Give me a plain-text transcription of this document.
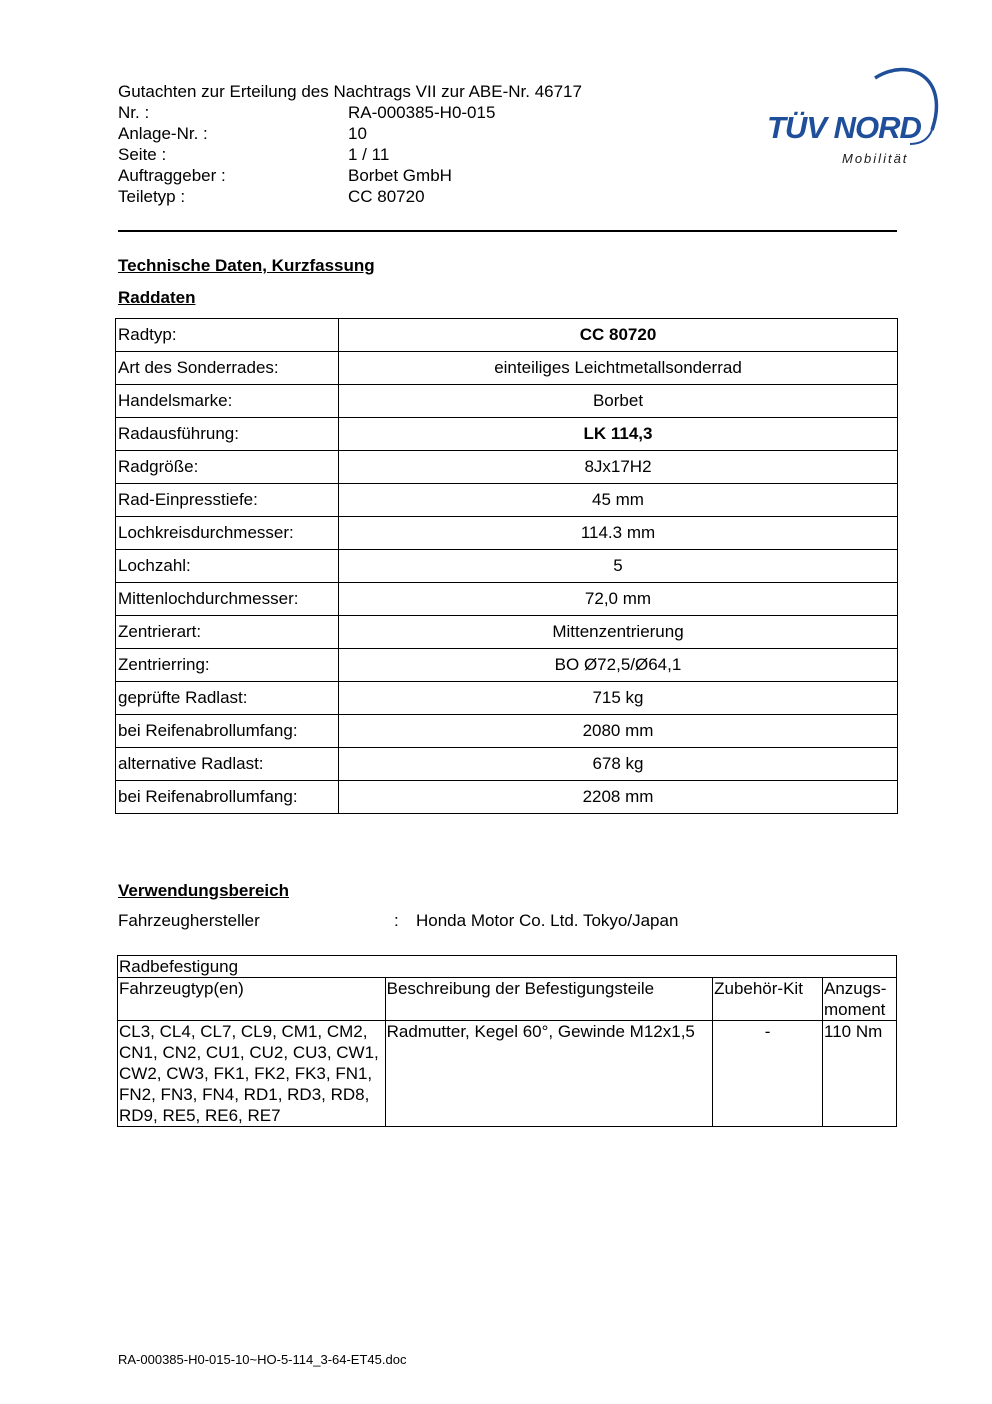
Gutachten zur Erteilung des Nachtrags VII zur ABE-Nr. 46717
Nr. :	RA-000385-H0-015
Anlage-Nr. :	10
Seite :	1 / 11
Auftraggeber :	Borbet GmbH
Teiletyp :	CC 80720
TÜV NORD
Mobilität
Technische Daten, Kurzfassung
Raddaten
Radtyp:	CC 80720
Art des Sonderrades:	einteiliges Leichtmetallsonderrad
Handelsmarke:	Borbet
Radausführung:	LK 114,3
Radgröße:	8Jx17H2
Rad-Einpresstiefe:	45 mm
Lochkreisdurchmesser:	114.3 mm
Lochzahl:	5
Mittenlochdurchmesser:	72,0 mm
Zentrierart:	Mittenzentrierung
Zentrierring:	BO Ø72,5/Ø64,1
geprüfte Radlast:	715 kg
bei Reifenabrollumfang:	2080 mm
alternative Radlast:	678 kg
bei Reifenabrollumfang:	2208 mm
Verwendungsbereich
Fahrzeughersteller	:	Honda Motor Co. Ltd. Tokyo/Japan
Radbefestigung			
Fahrzeugtyp(en)	Beschreibung der Befestigungsteile	Zubehör-Kit	Anzugs-moment
CL3, CL4, CL7, CL9, CM1, CM2, CN1, CN2, CU1, CU2, CU3, CW1, CW2, CW3, FK1, FK2, FK3, FN1, FN2, FN3, FN4, RD1, RD3, RD8, RD9, RE5, RE6, RE7	Radmutter, Kegel 60°, Gewinde M12x1,5	-	110 Nm
RA-000385-H0-015-10~HO-5-114_3-64-ET45.doc
